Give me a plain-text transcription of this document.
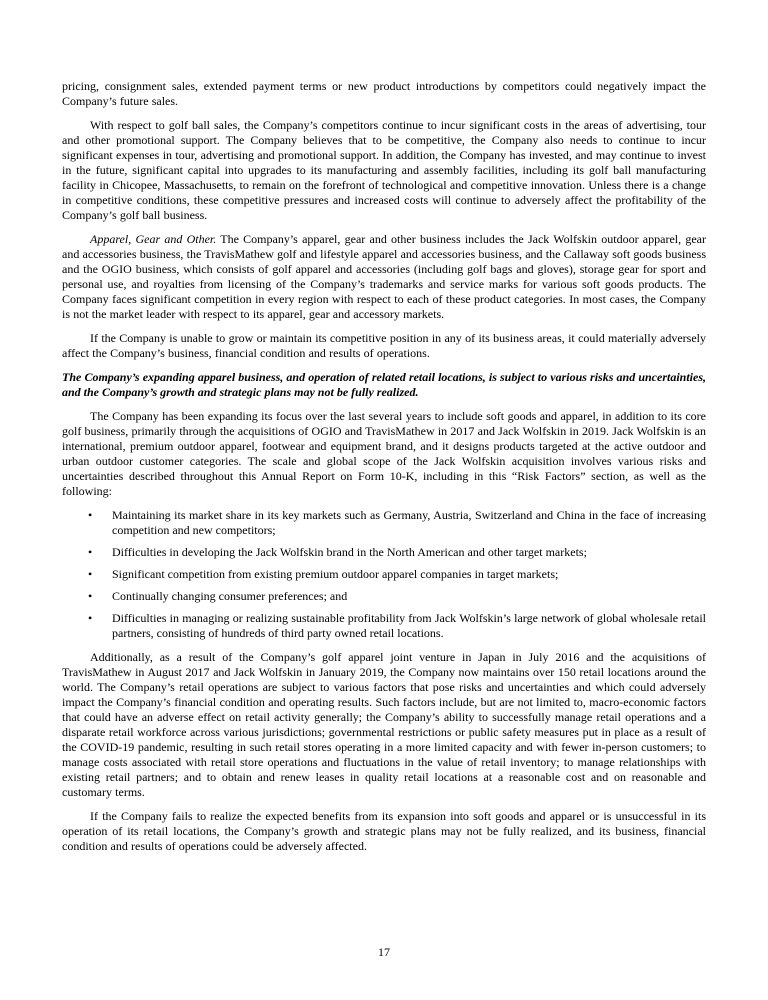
pricing, consignment sales, extended payment terms or new product introductions by competitors could negatively impact the Company’s future sales.

With respect to golf ball sales, the Company’s competitors continue to incur significant costs in the areas of advertising, tour and other promotional support. The Company believes that to be competitive, the Company also needs to continue to incur significant expenses in tour, advertising and promotional support. In addition, the Company has invested, and may continue to invest in the future, significant capital into upgrades to its manufacturing and assembly facilities, including its golf ball manufacturing facility in Chicopee, Massachusetts, to remain on the forefront of technological and competitive innovation. Unless there is a change in competitive conditions, these competitive pressures and increased costs will continue to adversely affect the profitability of the Company’s golf ball business.

Apparel, Gear and Other. The Company’s apparel, gear and other business includes the Jack Wolfskin outdoor apparel, gear and accessories business, the TravisMathew golf and lifestyle apparel and accessories business, and the Callaway soft goods business and the OGIO business, which consists of golf apparel and accessories (including golf bags and gloves), storage gear for sport and personal use, and royalties from licensing of the Company’s trademarks and service marks for various soft goods products. The Company faces significant competition in every region with respect to each of these product categories. In most cases, the Company is not the market leader with respect to its apparel, gear and accessory markets.

If the Company is unable to grow or maintain its competitive position in any of its business areas, it could materially adversely affect the Company’s business, financial condition and results of operations.

The Company’s expanding apparel business, and operation of related retail locations, is subject to various risks and uncertainties, and the Company’s growth and strategic plans may not be fully realized.

The Company has been expanding its focus over the last several years to include soft goods and apparel, in addition to its core golf business, primarily through the acquisitions of OGIO and TravisMathew in 2017 and Jack Wolfskin in 2019. Jack Wolfskin is an international, premium outdoor apparel, footwear and equipment brand, and it designs products targeted at the active outdoor and urban outdoor customer categories. The scale and global scope of the Jack Wolfskin acquisition involves various risks and uncertainties described throughout this Annual Report on Form 10-K, including in this “Risk Factors” section, as well as the following:

• Maintaining its market share in its key markets such as Germany, Austria, Switzerland and China in the face of increasing competition and new competitors;
• Difficulties in developing the Jack Wolfskin brand in the North American and other target markets;
• Significant competition from existing premium outdoor apparel companies in target markets;
• Continually changing consumer preferences; and
• Difficulties in managing or realizing sustainable profitability from Jack Wolfskin’s large network of global wholesale retail partners, consisting of hundreds of third party owned retail locations.

Additionally, as a result of the Company’s golf apparel joint venture in Japan in July 2016 and the acquisitions of TravisMathew in August 2017 and Jack Wolfskin in January 2019, the Company now maintains over 150 retail locations around the world. The Company’s retail operations are subject to various factors that pose risks and uncertainties and which could adversely impact the Company’s financial condition and operating results. Such factors include, but are not limited to, macro-economic factors that could have an adverse effect on retail activity generally; the Company’s ability to successfully manage retail operations and a disparate retail workforce across various jurisdictions; governmental restrictions or public safety measures put in place as a result of the COVID-19 pandemic, resulting in such retail stores operating in a more limited capacity and with fewer in-person customers; to manage costs associated with retail store operations and fluctuations in the value of retail inventory; to manage relationships with existing retail partners; and to obtain and renew leases in quality retail locations at a reasonable cost and on reasonable and customary terms.

If the Company fails to realize the expected benefits from its expansion into soft goods and apparel or is unsuccessful in its operation of its retail locations, the Company’s growth and strategic plans may not be fully realized, and its business, financial condition and results of operations could be adversely affected.

17
